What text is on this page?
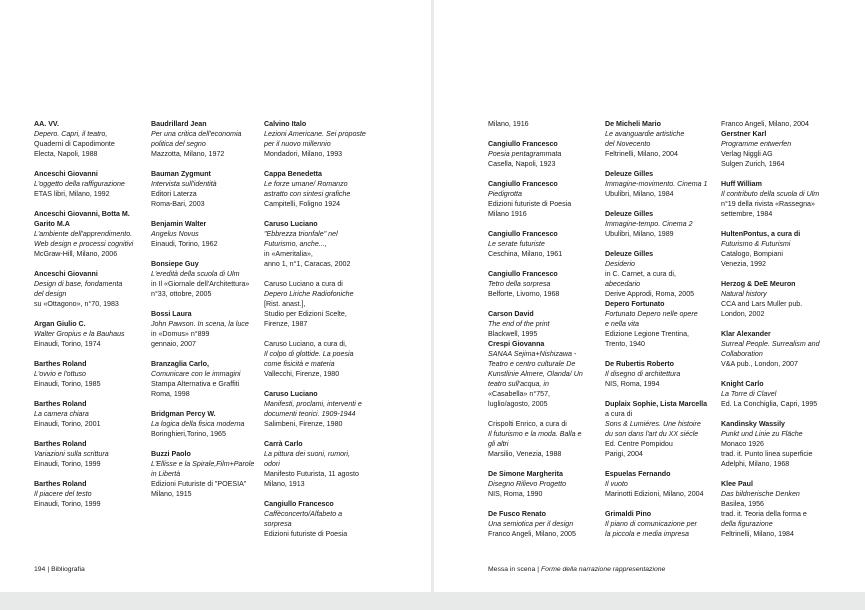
AA. VV.
Depero. Capri, il teatro,
Quaderni di Capodimonte
Electa, Napoli, 1988
Anceschi Giovanni
L'oggetto della raffigurazione
ETAS libri, Milano, 1992
Anceschi Giovanni, Botta M.
Garito M.A
L'ambiente dell'apprendimento.
Web design e processi cognitivi
McGraw-Hill, Milano, 2006
Anceschi Giovanni
Design di base, fondamenta
del design
su «Ottagono», n°70, 1983
Argan Giulio C.
Walter Gropius e la Bauhaus
Einaudi, Torino, 1974
Barthes Roland
L'ovvio e l'ottuso
Einaudi, Torino, 1985
Barthes Roland
La camera chiara
Einaudi, Torino, 2001
Barthes Roland
Variazioni sulla scrittura
Einaudi, Torino, 1999
Barthes Roland
Il piacere del testo
Einaudi, Torino, 1999
Baudrillard Jean
Per una critica dell'economia
politica del segno
Mazzotta, Milano, 1972
Bauman Zygmunt
Intervista sull'identità
Editori Laterza
Roma-Bari, 2003
Benjamin Walter
Angelus Novus
Einaudi, Torino, 1962
Bonsiepe Guy
L'eredità della scuola di Ulm
in Il «Giornale dell'Architettura»
n°33, ottobre, 2005
Bossi Laura
John Pawson. In scena, la luce
in «Domus» n°899
gennaio, 2007
Branzaglia Carlo,
Comunicare con le immagini
Stampa Alternativa e Graffiti
Roma, 1998
Bridgman Percy W.
La logica della fisica moderna
Boringhieri,Torino, 1965
Buzzi Paolo
L'Ellisse e la Spirale,Film+Parole
in Libertà
Edizioni Futuriste di "POESIA"
Milano, 1915
Calvino Italo
Lezioni Americane. Sei proposte
per il nuovo millennio
Mondadori, Milano, 1993
Cappa Benedetta
Le forze umane/ Romanzo
astratto con sintesi grafiche
Campitelli, Foligno 1924
Caruso Luciano
"Ebbrezza trionfale" nel
Futurismo, anche...,
in «Ameritalia»,
anno 1, n°1, Caracas, 2002
Caruso Luciano a cura di
Depero Liriche Radiofoniche
[Rist. anast.],
Studio per Edizioni Scelte,
Firenze, 1987
Caruso Luciano, a cura di,
Il colpo di glottide. La poesia
come fisicità e materia
Vallecchi, Firenze, 1980
Caruso Luciano
Manifesti, proclami, interventi e
documenti teorici. 1909-1944
Salimbeni, Firenze, 1980
Carrà Carlo
La pittura dei suoni, rumori,
odori
Manifesto Futurista, 11 agosto
Milano, 1913
Cangiullo Francesco
Caffèconcerto/Alfabeto a
sorpresa
Edizioni futuriste di Poesia
194 | Bibliografia
Milano, 1916
Cangiullo Francesco
Poesia pentagrammata
Casella, Napoli, 1923
Cangiullo Francesco
Piedigrotta
Edizioni futuriste di Poesia
Milano 1916
Cangiullo Francesco
Le serate futuriste
Ceschina, Milano, 1961
Cangiullo Francesco
Tetro della sorpresa
Belforte, Livorno, 1968
Carson David
The end of the print
Blackwell, 1995
Crespi Giovanna
SANAA Sejima+Nishizawa -
Teatro e centro culturale De
Kunstlinie Almere, Olanda/ Un
teatro sull'acqua, in
«Casabella» n°757,
luglio/agosto, 2005
Crispolti Enrico, a cura di
Il futurismo e la moda. Balla e
gli altri
Marsilio, Venezia, 1988
De Simone Margherita
Disegno Rilievo Progetto
NIS, Roma, 1990
De Fusco Renato
Una semiotica per il design
Franco Angeli, Milano, 2005
De Micheli Mario
Le avanguardie artistiche
del Novecento
Feltrinelli, Milano, 2004
Deleuze Gilles
Immagine-movimento. Cinema 1
Ubulibri, Milano, 1984
Deleuze Gilles
Immagine-tempo. Cinema 2
Ubulibri, Milano, 1989
Deleuze Gilles
Desiderio
in C. Carnet, a cura di,
abecedario
Derive Approdi, Roma, 2005
Depero Fortunato
Fortunato Depero nelle opere
e nella vita
Edizione Legione Trentina,
Trento, 1940
De Rubertis Roberto
Il disegno di architettura
NIS, Roma, 1994
Duplaix Sophie, Lista Marcella
a cura di
Sons & Lumiéres. Une histoire
du son dans l'art du XX siécle
Ed. Centre Pompidou
Parigi, 2004
Espuelas Fernando
Il vuoto
Marinotti Edizioni, Milano, 2004
Grimaldi Pino
Il piano di comunicazione per
la piccola e media impresa
Franco Angeli, Milano, 2004
Gerstner Karl
Programme entwerfen
Verlag Niggli AG
Sulgen Zurich, 1964
Huff William
Il contributo della scuola di Ulm
n°19 della rivista «Rassegna»
settembre, 1984
HultenPontus, a cura di
Futurismo & Futurismi
Catalogo, Bompiani
Venezia, 1992
Herzog & DeE Meuron
Natural history
CCA and Lars Muller pub.
London, 2002
Klar Alexander
Surreal People. Surrealism and
Collaboration
V&A pub., London, 2007
Knight Carlo
La Torre di Clavel
Ed. La Conchiglia, Capri, 1995
Kandinsky Wassily
Punkt und Linie zu Fläche
Monaco 1926
trad. it. Punto linea superficie
Adelphi, Milano, 1968
Klee Paul
Das bildnerische Denken
Basilea, 1956
trad. it. Teoria della forma e
della figurazione
Feltrinelli, Milano, 1984
Messa in scena | Forme della narrazione rappresentazione
